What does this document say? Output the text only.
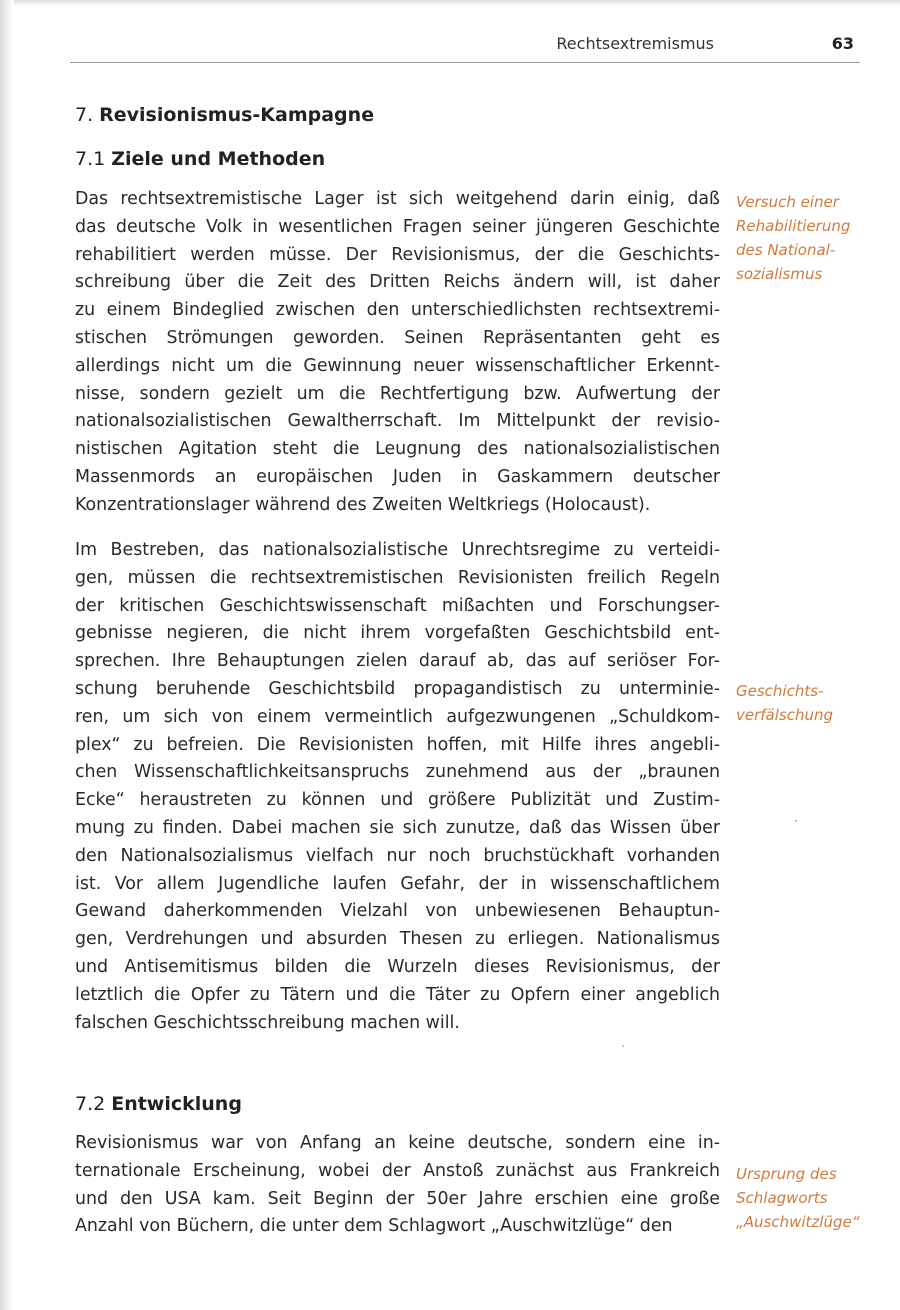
Rechtsextremismus	63
7. Revisionismus-Kampagne
7.1 Ziele und Methoden
Das rechtsextremistische Lager ist sich weitgehend darin einig, daß
das deutsche Volk in wesentlichen Fragen seiner jüngeren Geschichte
rehabilitiert werden müsse. Der Revisionismus, der die Geschichts-
schreibung über die Zeit des Dritten Reichs ändern will, ist daher
zu einem Bindeglied zwischen den unterschiedlichsten rechtsextremi-
stischen Strömungen geworden. Seinen Repräsentanten geht es
allerdings nicht um die Gewinnung neuer wissenschaftlicher Erkennt-
nisse, sondern gezielt um die Rechtfertigung bzw. Aufwertung der
nationalsozialistischen Gewaltherrschaft. Im Mittelpunkt der revisio-
nistischen Agitation steht die Leugnung des nationalsozialistischen
Massenmords an europäischen Juden in Gaskammern deutscher
Konzentrationslager während des Zweiten Weltkriegs (Holocaust).
Versuch einer
Rehabilitierung
des National-
sozialismus
Im Bestreben, das nationalsozialistische Unrechtsregime zu verteidi-
gen, müssen die rechtsextremistischen Revisionisten freilich Regeln
der kritischen Geschichtswissenschaft mißachten und Forschungser-
gebnisse negieren, die nicht ihrem vorgefaßten Geschichtsbild ent-
sprechen. Ihre Behauptungen zielen darauf ab, das auf seriöser For-
schung beruhende Geschichtsbild propagandistisch zu unterminie-
ren, um sich von einem vermeintlich aufgezwungenen „Schuldkom-
plex“ zu befreien. Die Revisionisten hoffen, mit Hilfe ihres angebli-
chen Wissenschaftlichkeitsanspruchs zunehmend aus der „braunen
Ecke“ heraustreten zu können und größere Publizität und Zustim-
mung zu finden. Dabei machen sie sich zunutze, daß das Wissen über
den Nationalsozialismus vielfach nur noch bruchstückhaft vorhanden
ist. Vor allem Jugendliche laufen Gefahr, der in wissenschaftlichem
Gewand daherkommenden Vielzahl von unbewiesenen Behauptun-
gen, Verdrehungen und absurden Thesen zu erliegen. Nationalismus
und Antisemitismus bilden die Wurzeln dieses Revisionismus, der
letztlich die Opfer zu Tätern und die Täter zu Opfern einer angeblich
falschen Geschichtsschreibung machen will.
Geschichts-
verfälschung
7.2 Entwicklung
Revisionismus war von Anfang an keine deutsche, sondern eine in-
ternationale Erscheinung, wobei der Anstoß zunächst aus Frankreich
und den USA kam. Seit Beginn der 50er Jahre erschien eine große
Anzahl von Büchern, die unter dem Schlagwort „Auschwitzlüge“ den
Ursprung des
Schlagworts
„Auschwitzlüge“
